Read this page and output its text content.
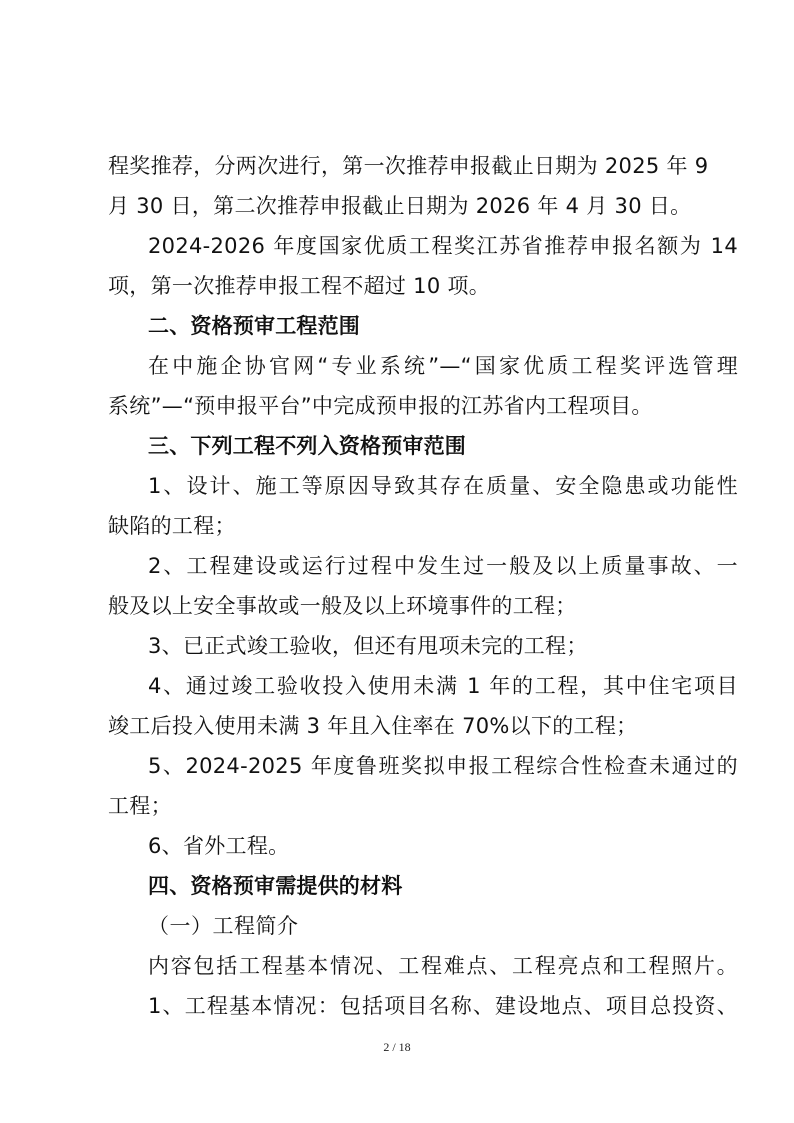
程奖推荐，分两次进行，第一次推荐申报截止日期为 2025 年 9
月 30 日，第二次推荐申报截止日期为 2026 年 4 月 30 日。
2024-2026 年度国家优质工程奖江苏省推荐申报名额为 14
项，第一次推荐申报工程不超过 10 项。
二、资格预审工程范围
在中施企协官网“专业系统”—“国家优质工程奖评选管理
系统”—“预申报平台”中完成预申报的江苏省内工程项目。
三、下列工程不列入资格预审范围
1、设计、施工等原因导致其存在质量、安全隐患或功能性
缺陷的工程；
2、工程建设或运行过程中发生过一般及以上质量事故、一
般及以上安全事故或一般及以上环境事件的工程；
3、已正式竣工验收，但还有甩项未完的工程；
4、通过竣工验收投入使用未满 1 年的工程，其中住宅项目
竣工后投入使用未满 3 年且入住率在 70%以下的工程；
5、2024-2025 年度鲁班奖拟申报工程综合性检查未通过的
工程；
6、省外工程。
四、资格预审需提供的材料
（一）工程简介
内容包括工程基本情况、工程难点、工程亮点和工程照片。
1、工程基本情况：包括项目名称、建设地点、项目总投资、
2 / 18
